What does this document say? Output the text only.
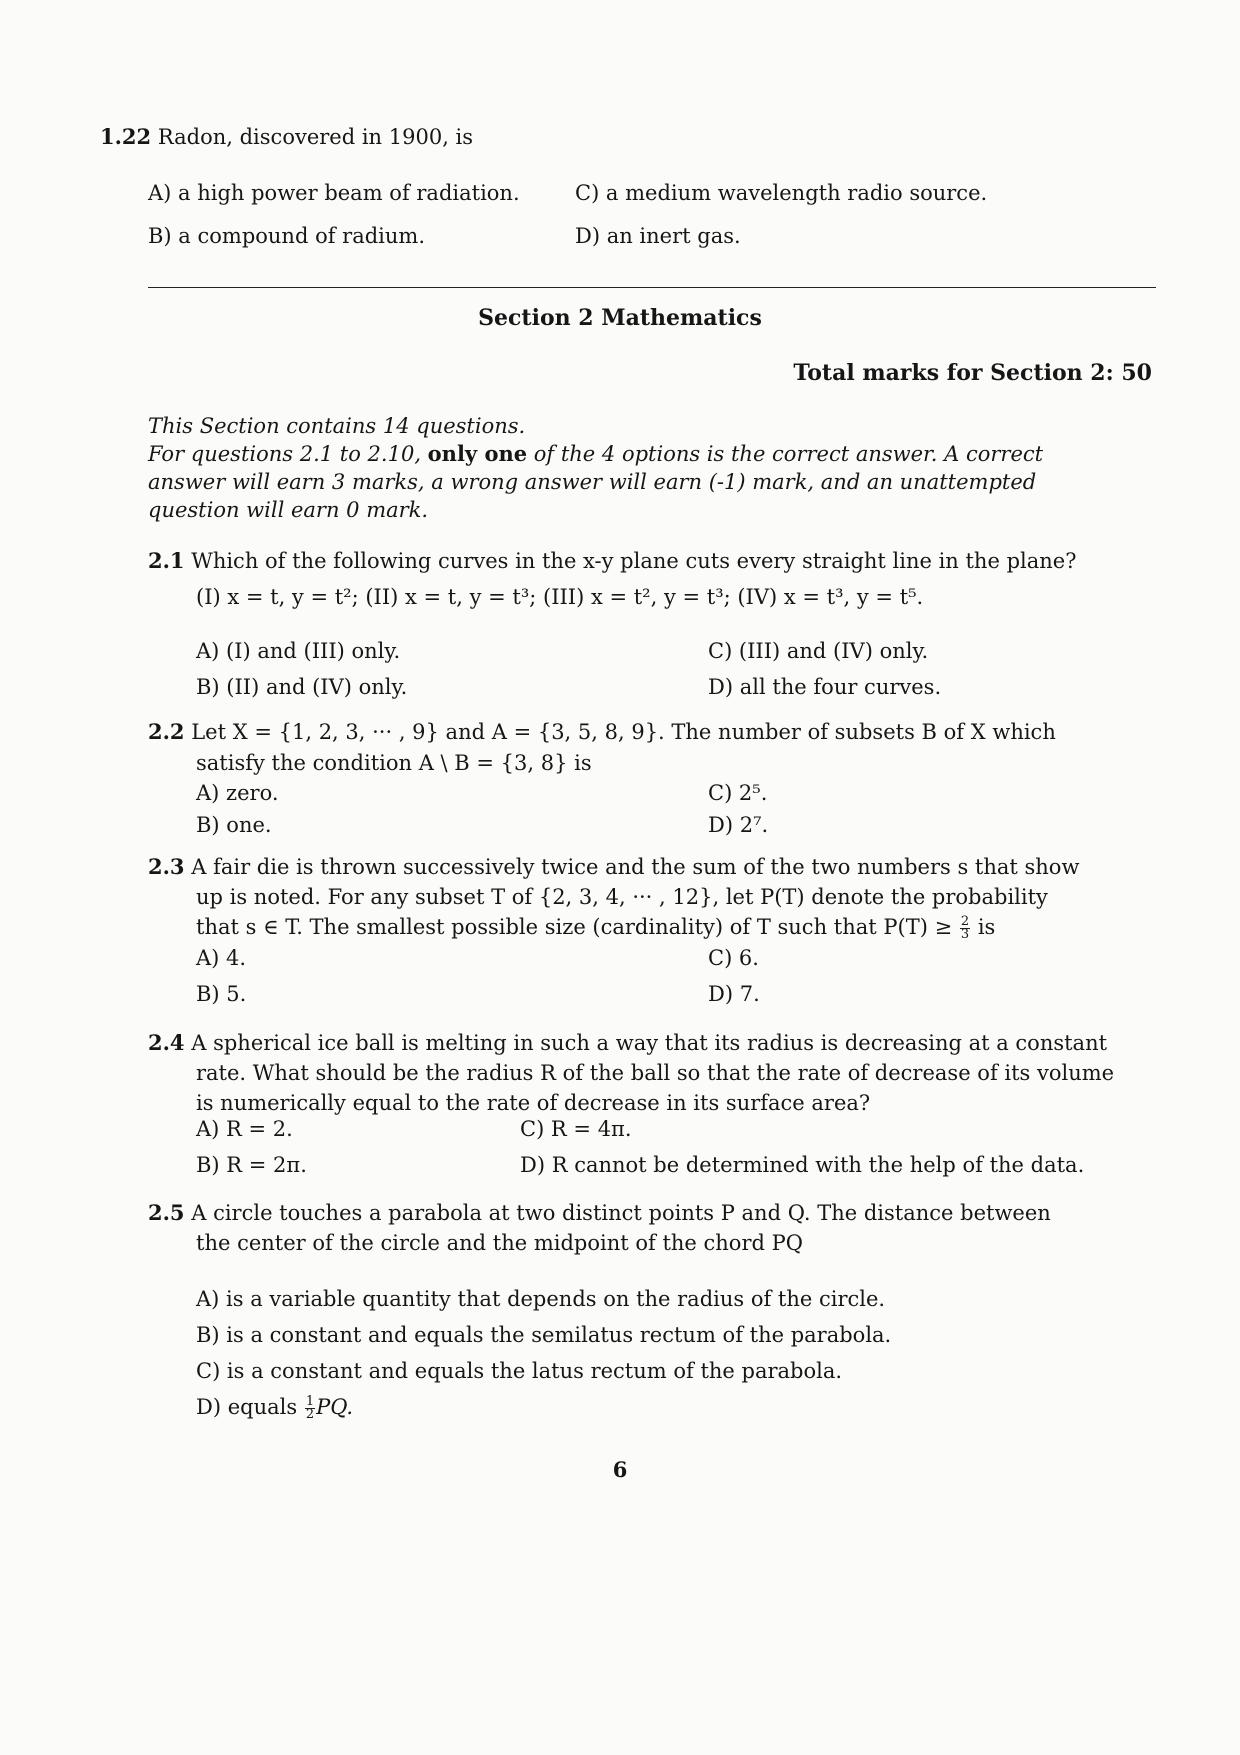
1.22 Radon, discovered in 1900, is
A) a high power beam of radiation.	C) a medium wavelength radio source.
B) a compound of radium.	D) an inert gas.
Section 2 Mathematics
Total marks for Section 2: 50
This Section contains 14 questions.
For questions 2.1 to 2.10, only one of the 4 options is the correct answer. A correct
answer will earn 3 marks, a wrong answer will earn (-1) mark, and an unattempted
question will earn 0 mark.
2.1 Which of the following curves in the x-y plane cuts every straight line in the plane?
(I) x = t, y = t²; (II) x = t, y = t³; (III) x = t², y = t³; (IV) x = t³, y = t⁵.
A) (I) and (III) only.	C) (III) and (IV) only.
B) (II) and (IV) only.	D) all the four curves.
2.2 Let X = {1, 2, 3, ··· , 9} and A = {3, 5, 8, 9}. The number of subsets B of X which
satisfy the condition A \ B = {3, 8} is
A) zero.	C) 2⁵.
B) one.	D) 2⁷.
2.3 A fair die is thrown successively twice and the sum of the two numbers s that show
up is noted. For any subset T of {2, 3, 4, ··· , 12}, let P(T) denote the probability
that s ∈ T. The smallest possible size (cardinality) of T such that $P(T) \ge \frac{2}{3}$ is
A) 4.	C) 6.
B) 5.	D) 7.
2.4 A spherical ice ball is melting in such a way that its radius is decreasing at a constant
rate. What should be the radius R of the ball so that the rate of decrease of its volume
is numerically equal to the rate of decrease in its surface area?
A) R = 2.	C) R = 4π.
B) R = 2π.	D) R cannot be determined with the help of the data.
2.5 A circle touches a parabola at two distinct points P and Q. The distance between
the center of the circle and the midpoint of the chord PQ
A) is a variable quantity that depends on the radius of the circle.
B) is a constant and equals the semilatus rectum of the parabola.
C) is a constant and equals the latus rectum of the parabola.
D) equals $\frac{1}{2}$ PQ.
6
